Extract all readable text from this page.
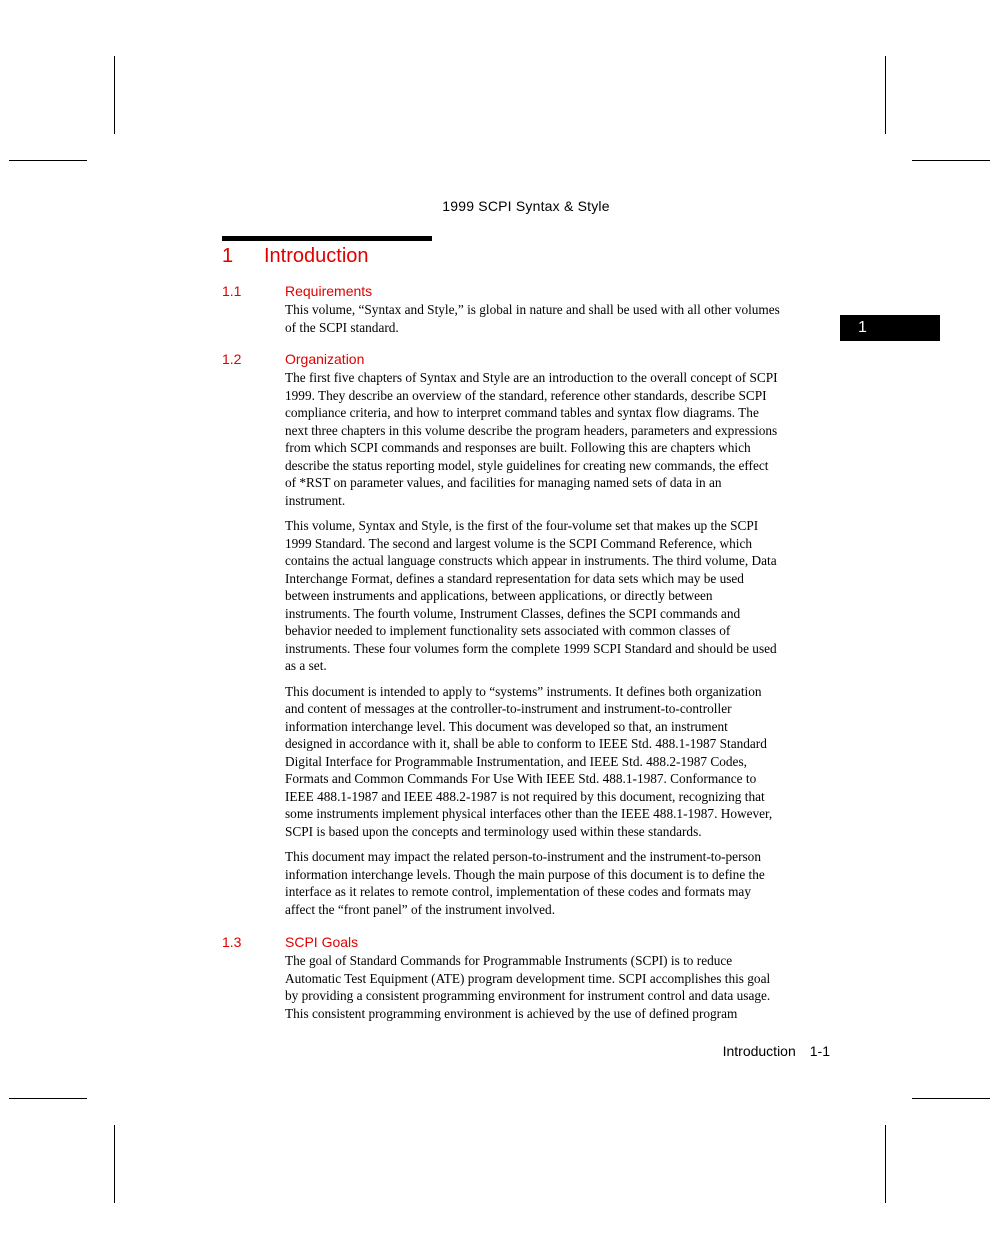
1999 SCPI Syntax & Style
1 Introduction
1
1.1	Requirements

This volume, “Syntax and Style,” is global in nature and shall be used with all other volumes
of the SCPI standard.

1.2	Organization

The first five chapters of Syntax and Style are an introduction to the overall concept of SCPI
1999. They describe an overview of the standard, reference other standards, describe SCPI
compliance criteria, and how to interpret command tables and syntax flow diagrams. The
next three chapters in this volume describe the program headers, parameters and expressions
from which SCPI commands and responses are built. Following this are chapters which
describe the status reporting model, style guidelines for creating new commands, the effect
of *RST on parameter values, and facilities for managing named sets of data in an
instrument.

This volume, Syntax and Style, is the first of the four-volume set that makes up the SCPI
1999 Standard. The second and largest volume is the SCPI Command Reference, which
contains the actual language constructs which appear in instruments. The third volume, Data
Interchange Format, defines a standard representation for data sets which may be used
between instruments and applications, between applications, or directly between
instruments. The fourth volume, Instrument Classes, defines the SCPI commands and
behavior needed to implement functionality sets associated with common classes of
instruments. These four volumes form the complete 1999 SCPI Standard and should be used
as a set.

This document is intended to apply to “systems” instruments. It defines both organization
and content of messages at the controller-to-instrument and instrument-to-controller
information interchange level. This document was developed so that, an instrument
designed in accordance with it, shall be able to conform to IEEE Std. 488.1-1987 Standard
Digital Interface for Programmable Instrumentation, and IEEE Std. 488.2-1987 Codes,
Formats and Common Commands For Use With IEEE Std. 488.1-1987. Conformance to
IEEE 488.1-1987 and IEEE 488.2-1987 is not required by this document, recognizing that
some instruments implement physical interfaces other than the IEEE 488.1-1987. However,
SCPI is based upon the concepts and terminology used within these standards.

This document may impact the related person-to-instrument and the instrument-to-person
information interchange levels. Though the main purpose of this document is to define the
interface as it relates to remote control, implementation of these codes and formats may
affect the “front panel” of the instrument involved.

1.3	SCPI Goals

The goal of Standard Commands for Programmable Instruments (SCPI) is to reduce
Automatic Test Equipment (ATE) program development time. SCPI accomplishes this goal
by providing a consistent programming environment for instrument control and data usage.
This consistent programming environment is achieved by the use of defined program

Introduction 1-1
